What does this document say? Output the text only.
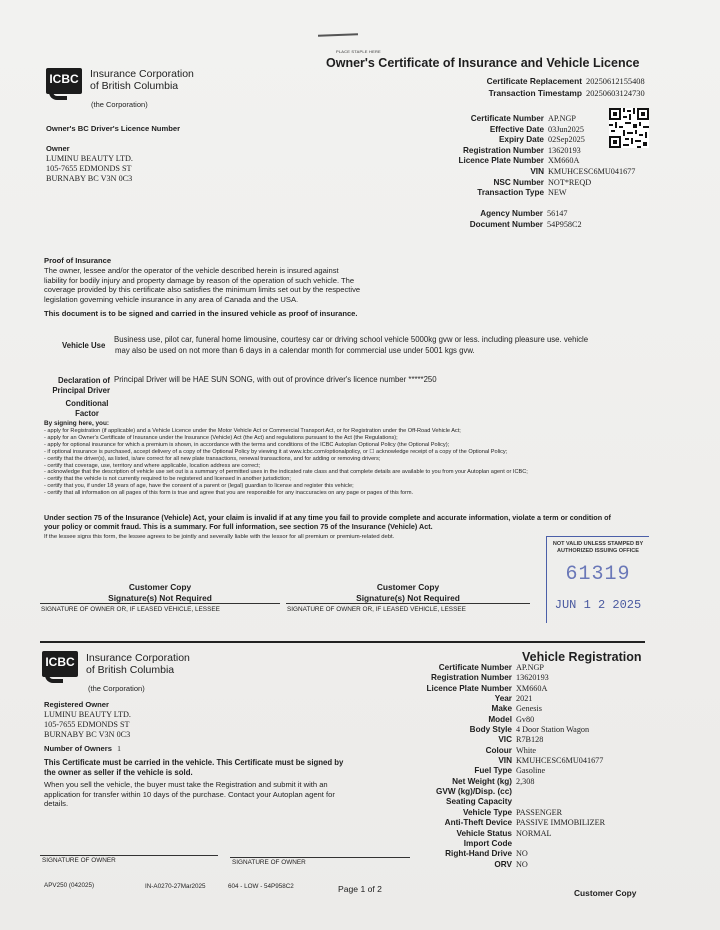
PLACE STAPLE HERE
ICBC	Insurance Corporation
of British Columbia
(the Corporation)
Owner's Certificate of Insurance and Vehicle Licence
Certificate Replacement 20250612155408
Transaction Timestamp 20250603124730
Owner's BC Driver's Licence Number
Owner
LUMINU BEAUTY LTD.
105-7655 EDMONDS ST
BURNABY BC V3N 0C3
Certificate Number AP.NGP
Effective Date 03Jun2025
Expiry Date 02Sep2025
Registration Number 13620193
Licence Plate Number XM660A
VIN KMUHCESC6MU041677
NSC Number NOT*REQD
Transaction Type NEW
Agency Number 56147
Document Number 54P958C2
Proof of Insurance
The owner, lessee and/or the operator of the vehicle described herein is insured against
liability for bodily injury and property damage by reason of the operation of such vehicle. The
coverage provided by this certificate also satisfies the minimum limits set out by the respective
legislation governing vehicle insurance in any area of Canada and the USA.
This document is to be signed and carried in the insured vehicle as proof of insurance.
Vehicle Use
Business use, pilot car, funeral home limousine, courtesy car or driving school vehicle 5000kg gvw or less. including pleasure use. vehicle
may also be used on not more than 6 days in a calendar month for commercial use under 5001 kgs gvw.
Declaration of
Principal Driver
Principal Driver will be HAE SUN SONG, with out of province driver's licence number *****250
Conditional
Factor
By signing here, you:
- apply for Registration (if applicable) and a Vehicle Licence under the Motor Vehicle Act or Commercial Transport Act, or for Registration under the Off-Road Vehicle Act;
- apply for an Owner's Certificate of Insurance under the Insurance (Vehicle) Act (the Act) and regulations pursuant to the Act (the Regulations);
- apply for optional insurance for which a premium is shown, in accordance with the terms and conditions of the ICBC Autoplan Optional Policy (the Optional Policy);
- if optional insurance is purchased, accept delivery of a copy of the Optional Policy by viewing it at www.icbc.com/optionalpolicy, or ☐ acknowledge receipt of a copy of the Optional Policy;
- certify that the driver(s), as listed, is/are correct for all new plate transactions, renewal transactions, and for adding or removing drivers;
- certify that coverage, use, territory and where applicable, location address are correct;
- acknowledge that the description of vehicle use set out is a summary of permitted uses in the indicated rate class and that complete details are available to you from your Autoplan agent or ICBC;
- certify that the vehicle is not currently required to be registered and licensed in another jurisdiction;
- certify that you, if under 18 years of age, have the consent of a parent or (legal) guardian to license and register this vehicle;
- certify that all information on all pages of this form is true and agree that you are responsible for any inaccuracies on any page or pages of this form.
Under section 75 of the Insurance (Vehicle) Act, your claim is invalid if at any time you fail to provide complete and accurate information, violate a term or condition of
your policy or commit fraud. This is a summary. For full information, see section 75 of the Insurance (Vehicle) Act.
If the lessee signs this form, the lessee agrees to be jointly and severally liable with the lessor for all premium or premium-related debt.
NOT VALID UNLESS STAMPED BY
AUTHORIZED ISSUING OFFICE
61319
JUN 1 2 2025
Customer Copy
Signature(s) Not Required
SIGNATURE OF OWNER OR, IF LEASED VEHICLE, LESSEE
Customer Copy
Signature(s) Not Required
SIGNATURE OF OWNER OR, IF LEASED VEHICLE, LESSEE
ICBC	Insurance Corporation
of British Columbia
(the Corporation)
Vehicle Registration
Registered Owner
LUMINU BEAUTY LTD.
105-7655 EDMONDS ST
BURNABY BC V3N 0C3
Number of Owners 1
This Certificate must be carried in the vehicle. This Certificate must be signed by
the owner as seller if the vehicle is sold.
When you sell the vehicle, the buyer must take the Registration and submit it with an
application for transfer within 10 days of the purchase. Contact your Autoplan agent for
details.
Certificate Number AP.NGP
Registration Number 13620193
Licence Plate Number XM660A
Year 2021
Make Genesis
Model Gv80
Body Style 4 Door Station Wagon
VIC R7B128
Colour White
VIN KMUHCESC6MU041677
Fuel Type Gasoline
Net Weight (kg) 2,308
GVW (kg)/Disp. (cc)
Seating Capacity
Vehicle Type PASSENGER
Anti-Theft Device PASSIVE IMMOBILIZER
Vehicle Status NORMAL
Import Code
Right-Hand Drive NO
ORV NO
SIGNATURE OF OWNER	SIGNATURE OF OWNER
APV250 (042025)	IN-A0270-27Mar2025	604 - LOW - 54P958C2	Page 1 of 2	Customer Copy
